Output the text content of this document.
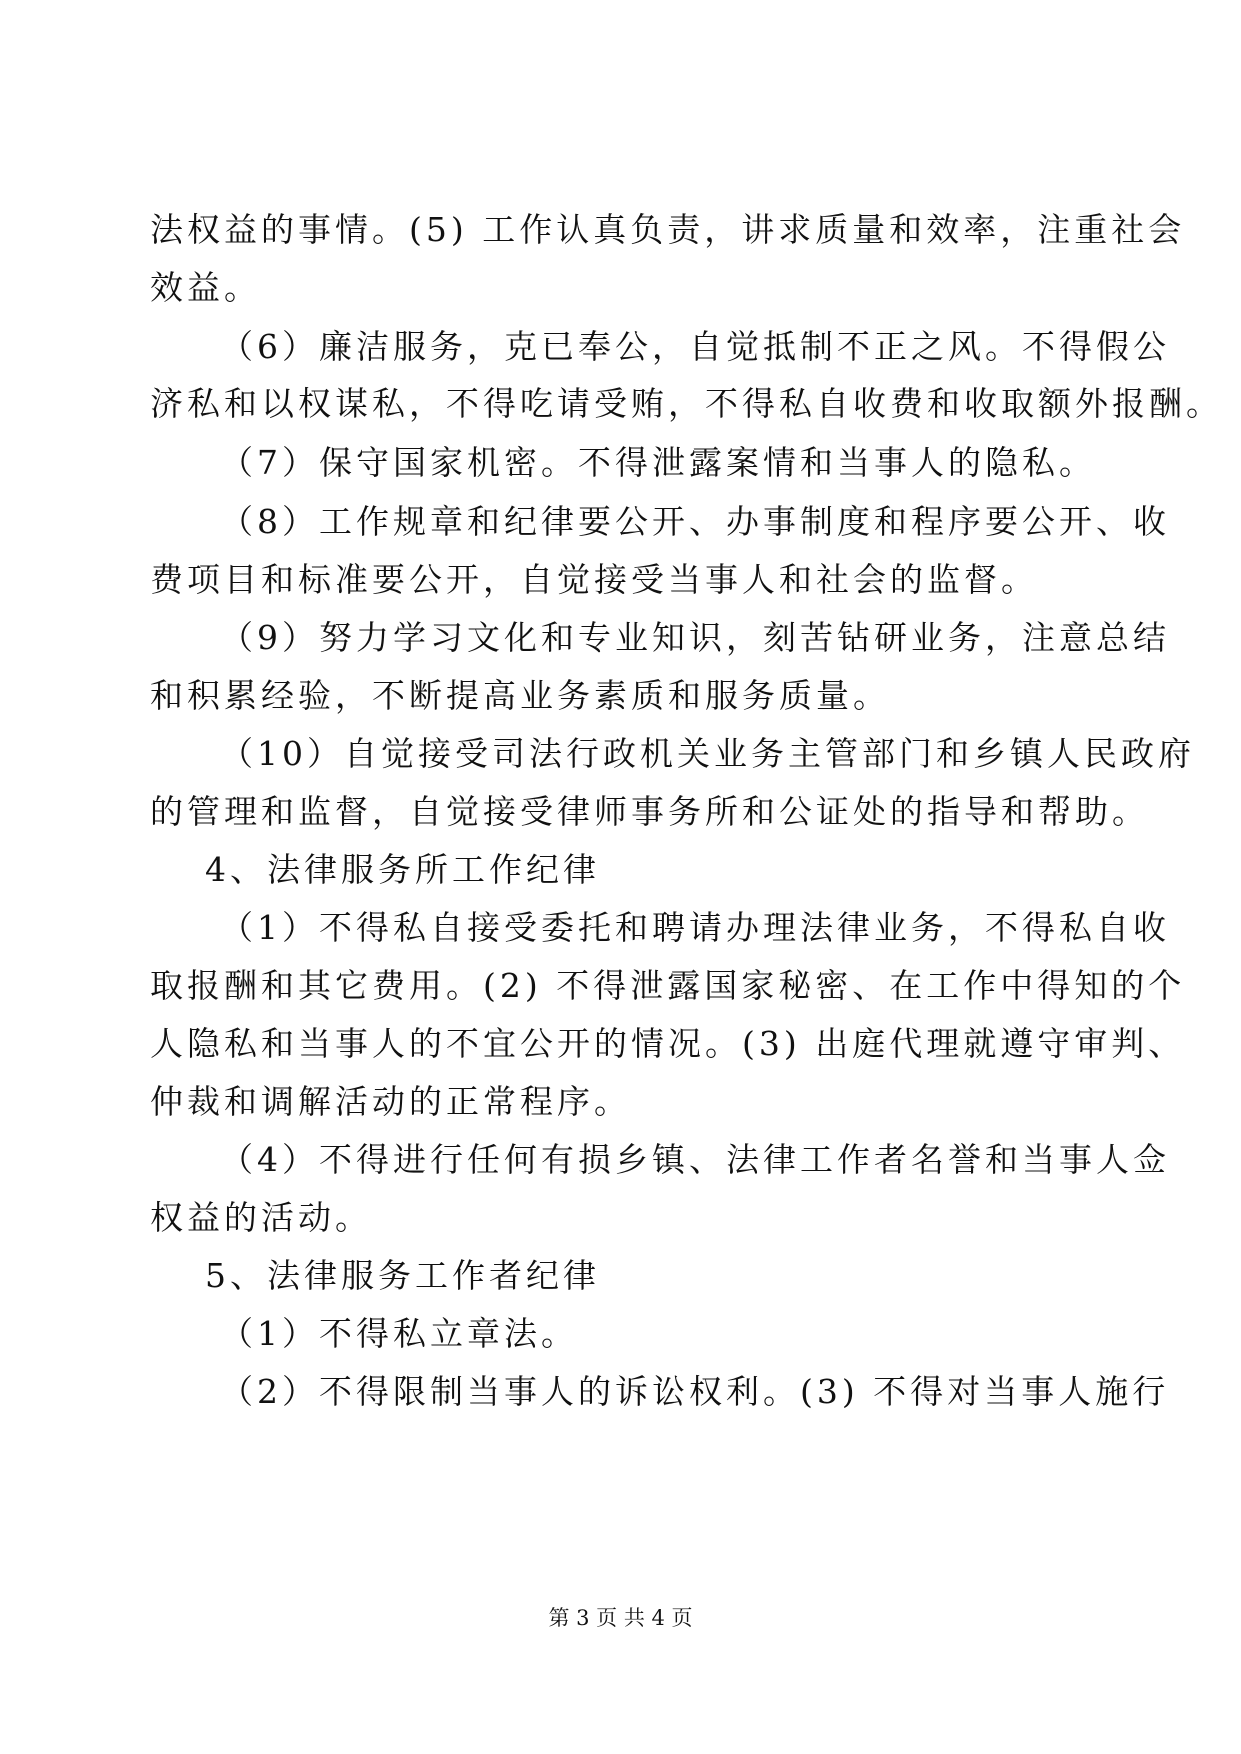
法权益的事情。(5) 工作认真负责，讲求质量和效率，注重社会
效益。
（6）廉洁服务，克已奉公，自觉抵制不正之风。不得假公
济私和以权谋私，不得吃请受贿，不得私自收费和收取额外报酬。
（7）保守国家机密。不得泄露案情和当事人的隐私。
（8）工作规章和纪律要公开、办事制度和程序要公开、收
费项目和标准要公开，自觉接受当事人和社会的监督。
（9）努力学习文化和专业知识，刻苦钻研业务，注意总结
和积累经验，不断提高业务素质和服务质量。
（10）自觉接受司法行政机关业务主管部门和乡镇人民政府
的管理和监督，自觉接受律师事务所和公证处的指导和帮助。
4、法律服务所工作纪律
（1）不得私自接受委托和聘请办理法律业务，不得私自收
取报酬和其它费用。(2) 不得泄露国家秘密、在工作中得知的个
人隐私和当事人的不宜公开的情况。(3) 出庭代理就遵守审判、
仲裁和调解活动的正常程序。
（4）不得进行任何有损乡镇、法律工作者名誉和当事人佥
权益的活动。
5、法律服务工作者纪律
（1）不得私立章法。
（2）不得限制当事人的诉讼权利。(3) 不得对当事人施行
第 3 页 共 4 页
